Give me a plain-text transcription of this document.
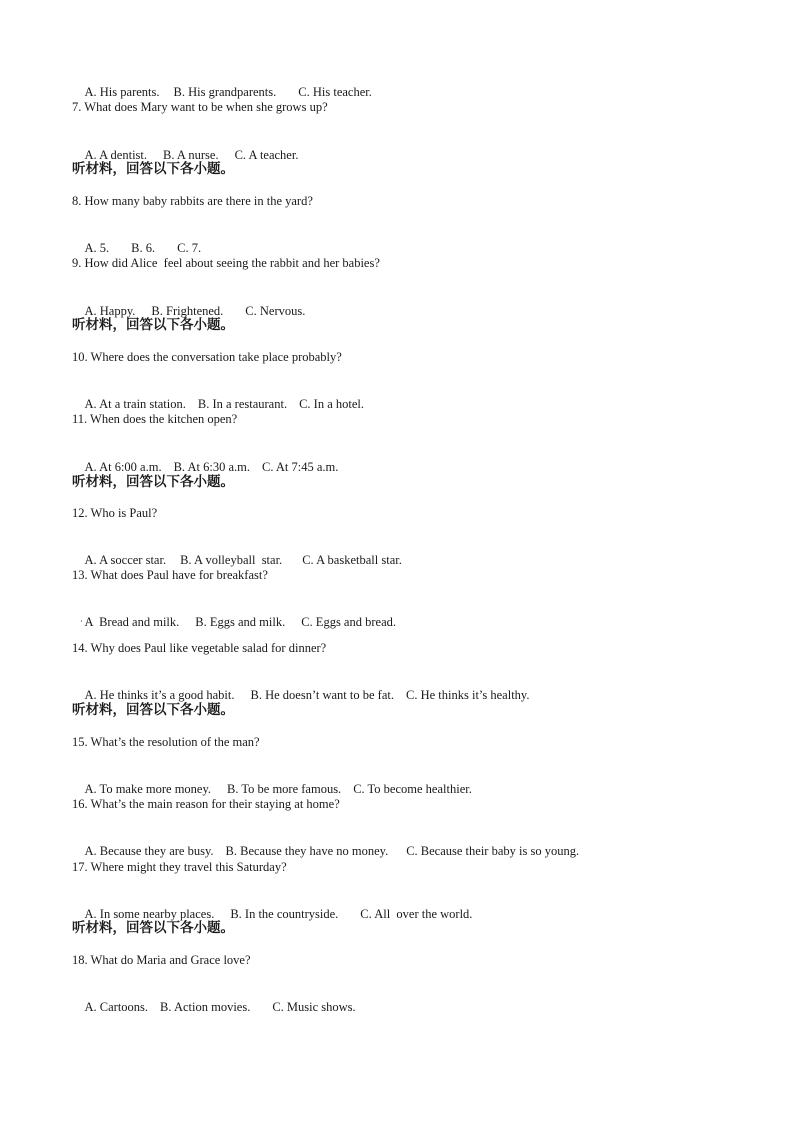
A. His parents. B. His grandparents. C. His teacher.

7. What does Mary want to be when she grows up?

A. A dentist. B. A nurse. C. A teacher.

听材料，回答以下各小题。
8. How many baby rabbits are there in the yard?

A. 5. B. 6. C. 7.

9. How did Alice  feel about seeing the rabbit and her babies?

A. Happy. B. Frightened. C. Nervous.

听材料，回答以下各小题。
10. Where does the conversation take place probably?

A. At a train station. B. In a restaurant. C. In a hotel.

11. When does the kitchen open?

A. At 6:00 a.m. B. At 6:30 a.m. C. At 7:45 a.m.

听材料，回答以下各小题。
12. Who is Paul?

A. A soccer star. B. A volleyball  star. C. A basketball star.

13. What does Paul have for breakfast?

A  Bread and milk. B. Eggs and milk. C. Eggs and bread.

·
14. Why does Paul like vegetable salad for dinner?

A. He thinks it’s a good habit. B. He doesn’t want to be fat. C. He thinks it’s healthy.

听材料，回答以下各小题。
15. What’s the resolution of the man?

A. To make more money. B. To be more famous. C. To become healthier.

16. What’s the main reason for their staying at home?

A. Because they are busy. B. Because they have no money. C. Because their baby is so young.

17. Where might they travel this Saturday?

A. In some nearby places. B. In the countryside. C. All  over the world.

听材料，回答以下各小题。
18. What do Maria and Grace love?

A. Cartoons. B. Action movies. C. Music shows.
